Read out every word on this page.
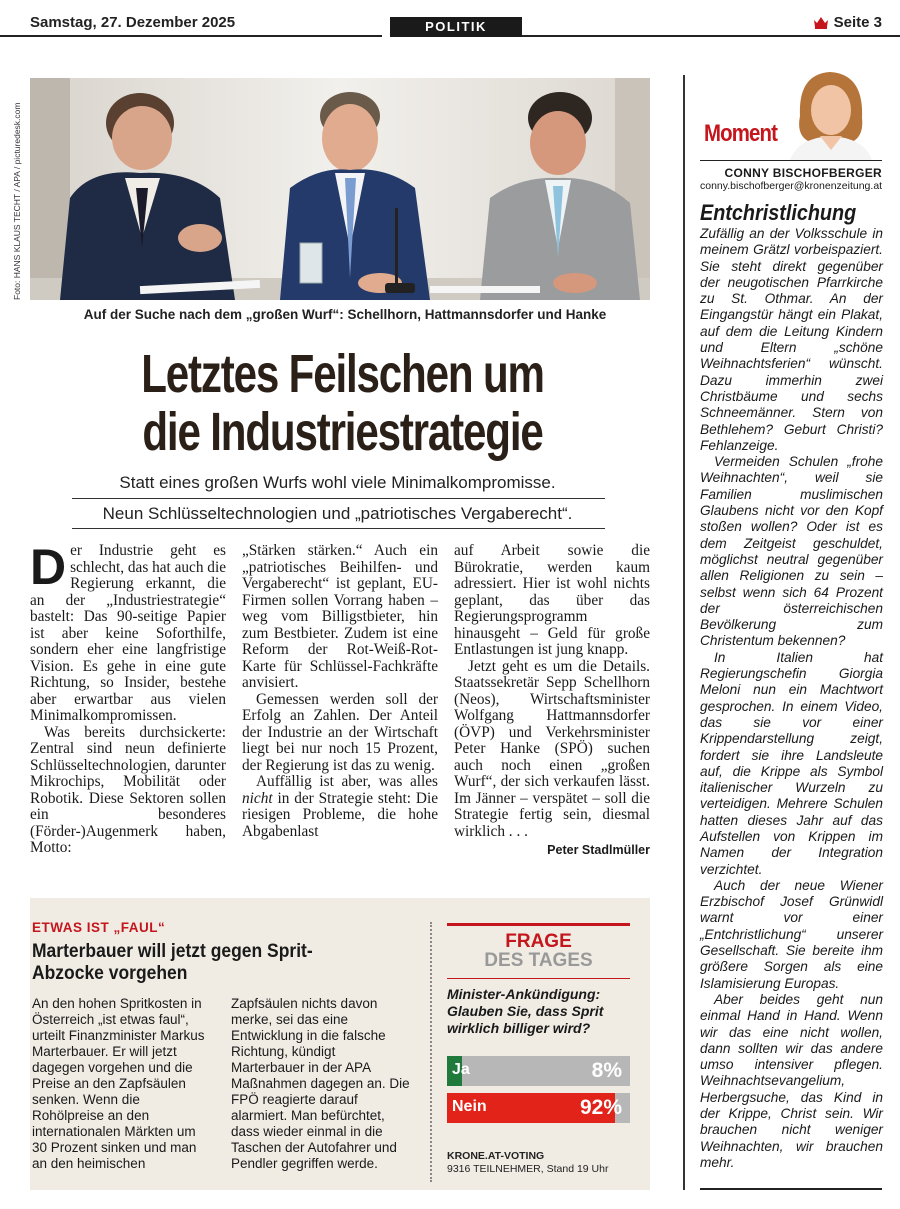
Samstag, 27. Dezember 2025	POLITIK	Seite 3
Foto: HANS KLAUS TECHT / APA / picturedesk.com
Auf der Suche nach dem „großen Wurf“: Schellhorn, Hattmannsdorfer und Hanke
Letztes Feilschen um
die Industriestrategie
Statt eines großen Wurfs wohl viele Minimalkompromisse.
Neun Schlüsseltechnologien und „patriotisches Vergaberecht“.

Der Industrie geht es schlecht, das hat auch die Regierung erkannt, die an der „Industriestrategie“ bastelt: Das 90-seitige Papier ist aber keine Soforthilfe, sondern eher eine langfristige Vision. Es gehe in eine gute Richtung, so Insider, bestehe aber erwartbar aus vielen Minimalkompromissen.

Was bereits durchsickerte: Zentral sind neun definierte Schlüsseltechnologien, darunter Mikrochips, Mobilität oder Robotik. Diese Sektoren sollen ein besonderes (Förder-)Augenmerk haben, Motto:

„Stärken stärken.“ Auch ein „patriotisches Beihilfen- und Vergaberecht“ ist geplant, EU-Firmen sollen Vorrang haben – weg vom Billigstbieter, hin zum Bestbieter. Zudem ist eine Reform der Rot-Weiß-Rot-Karte für Schlüssel-Fachkräfte anvisiert.

Gemessen werden soll der Erfolg an Zahlen. Der Anteil der Industrie an der Wirtschaft liegt bei nur noch 15 Prozent, der Regierung ist das zu wenig.

Auffällig ist aber, was alles nicht in der Strategie steht: Die riesigen Probleme, die hohe Abgabenlast

auf Arbeit sowie die Bürokratie, werden kaum adressiert. Hier ist wohl nichts geplant, das über das Regierungsprogramm hinausgeht – Geld für große Entlastungen ist jung knapp.

Jetzt geht es um die Details. Staatssekretär Sepp Schellhorn (Neos), Wirtschaftsminister Wolfgang Hattmannsdorfer (ÖVP) und Verkehrsminister Peter Hanke (SPÖ) suchen auch noch einen „großen Wurf“, der sich verkaufen lässt. Im Jänner – verspätet – soll die Strategie fertig sein, diesmal wirklich . . .

Peter Stadlmüller
ETWAS IST „FAUL“
Marterbauer will jetzt gegen Sprit-Abzocke vorgehen
An den hohen Spritkosten in Österreich „ist etwas faul“, urteilt Finanzminister Markus Marterbauer. Er will jetzt dagegen vorgehen und die Preise an den Zapfsäulen senken. Wenn die Rohölpreise an den internationalen Märkten um 30 Prozent sinken und man an den heimischen
Zapfsäulen nichts davon merke, sei das eine Entwicklung in die falsche Richtung, kündigt Marterbauer in der APA Maßnahmen dagegen an. Die FPÖ reagierte darauf alarmiert. Man befürchtet, dass wieder einmal in die Taschen der Autofahrer und Pendler gegriffen werde.
FRAGE
DES TAGES
Minister-Ankündigung: Glauben Sie, dass Sprit wirklich billiger wird?
Ja	8%
Nein	92%
KRONE.AT-VOTING
9316 TEILNEHMER, Stand 19 Uhr
Moment
CONNY BISCHOFBERGER
conny.bischofberger@kronenzeitung.at
Entchristlichung

Zufällig an der Volksschule in meinem Grätzl vorbeispaziert. Sie steht direkt gegenüber der neugotischen Pfarrkirche zu St. Othmar. An der Eingangstür hängt ein Plakat, auf dem die Leitung Kindern und Eltern „schöne Weihnachtsferien“ wünscht. Dazu immerhin zwei Christbäume und sechs Schneemänner. Stern von Bethlehem? Geburt Christi? Fehlanzeige.

Vermeiden Schulen „frohe Weihnachten“, weil sie Familien muslimischen Glaubens nicht vor den Kopf stoßen wollen? Oder ist es dem Zeitgeist geschuldet, möglichst neutral gegenüber allen Religionen zu sein – selbst wenn sich 64 Prozent der österreichischen Bevölkerung zum Christentum bekennen?

In Italien hat Regierungschefin Giorgia Meloni nun ein Machtwort gesprochen. In einem Video, das sie vor einer Krippendarstellung zeigt, fordert sie ihre Landsleute auf, die Krippe als Symbol italienischer Wurzeln zu verteidigen. Mehrere Schulen hatten dieses Jahr auf das Aufstellen von Krippen im Namen der Integration verzichtet.

Auch der neue Wiener Erzbischof Josef Grünwidl warnt vor einer „Entchristlichung“ unserer Gesellschaft. Sie bereite ihm größere Sorgen als eine Islamisierung Europas.

Aber beides geht nun einmal Hand in Hand. Wenn wir das eine nicht wollen, dann sollten wir das andere umso intensiver pflegen. Weihnachtsevangelium, Herbergsuche, das Kind in der Krippe, Christ sein. Wir brauchen nicht weniger Weihnachten, wir brauchen mehr.
